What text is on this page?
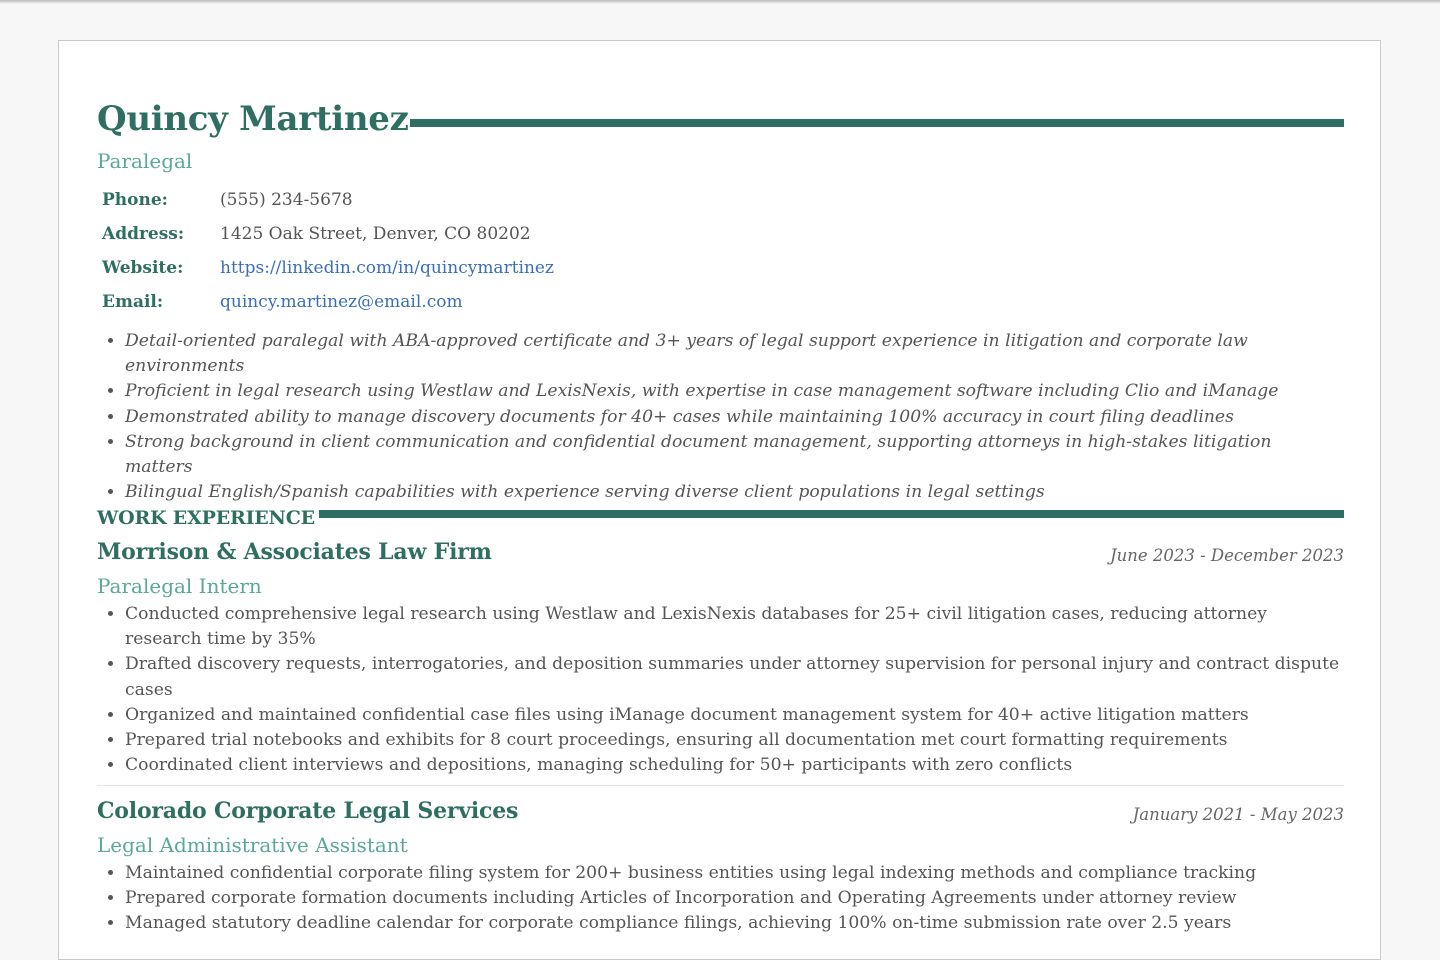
Quincy Martinez
Paralegal
Phone:	(555) 234-5678
Address: 1425 Oak Street, Denver, CO 80202
Website: https://linkedin.com/in/quincymartinez
Email:	quincy.martinez@email.com
• Detail-oriented paralegal with ABA-approved certificate and 3+ years of legal support experience in litigation and corporate law environments
• Proficient in legal research using Westlaw and LexisNexis, with expertise in case management software including Clio and iManage
• Demonstrated ability to manage discovery documents for 40+ cases while maintaining 100% accuracy in court filing deadlines
• Strong background in client communication and confidential document management, supporting attorneys in high-stakes litigation matters
• Bilingual English/Spanish capabilities with experience serving diverse client populations in legal settings
WORK EXPERIENCE
Morrison & Associates Law Firm	June 2023 - December 2023
Paralegal Intern
• Conducted comprehensive legal research using Westlaw and LexisNexis databases for 25+ civil litigation cases, reducing attorney research time by 35%
• Drafted discovery requests, interrogatories, and deposition summaries under attorney supervision for personal injury and contract dispute cases
• Organized and maintained confidential case files using iManage document management system for 40+ active litigation matters
• Prepared trial notebooks and exhibits for 8 court proceedings, ensuring all documentation met court formatting requirements
• Coordinated client interviews and depositions, managing scheduling for 50+ participants with zero conflicts
Colorado Corporate Legal Services	January 2021 - May 2023
Legal Administrative Assistant
• Maintained confidential corporate filing system for 200+ business entities using legal indexing methods and compliance tracking
• Prepared corporate formation documents including Articles of Incorporation and Operating Agreements under attorney review
• Managed statutory deadline calendar for corporate compliance filings, achieving 100% on-time submission rate over 2.5 years
